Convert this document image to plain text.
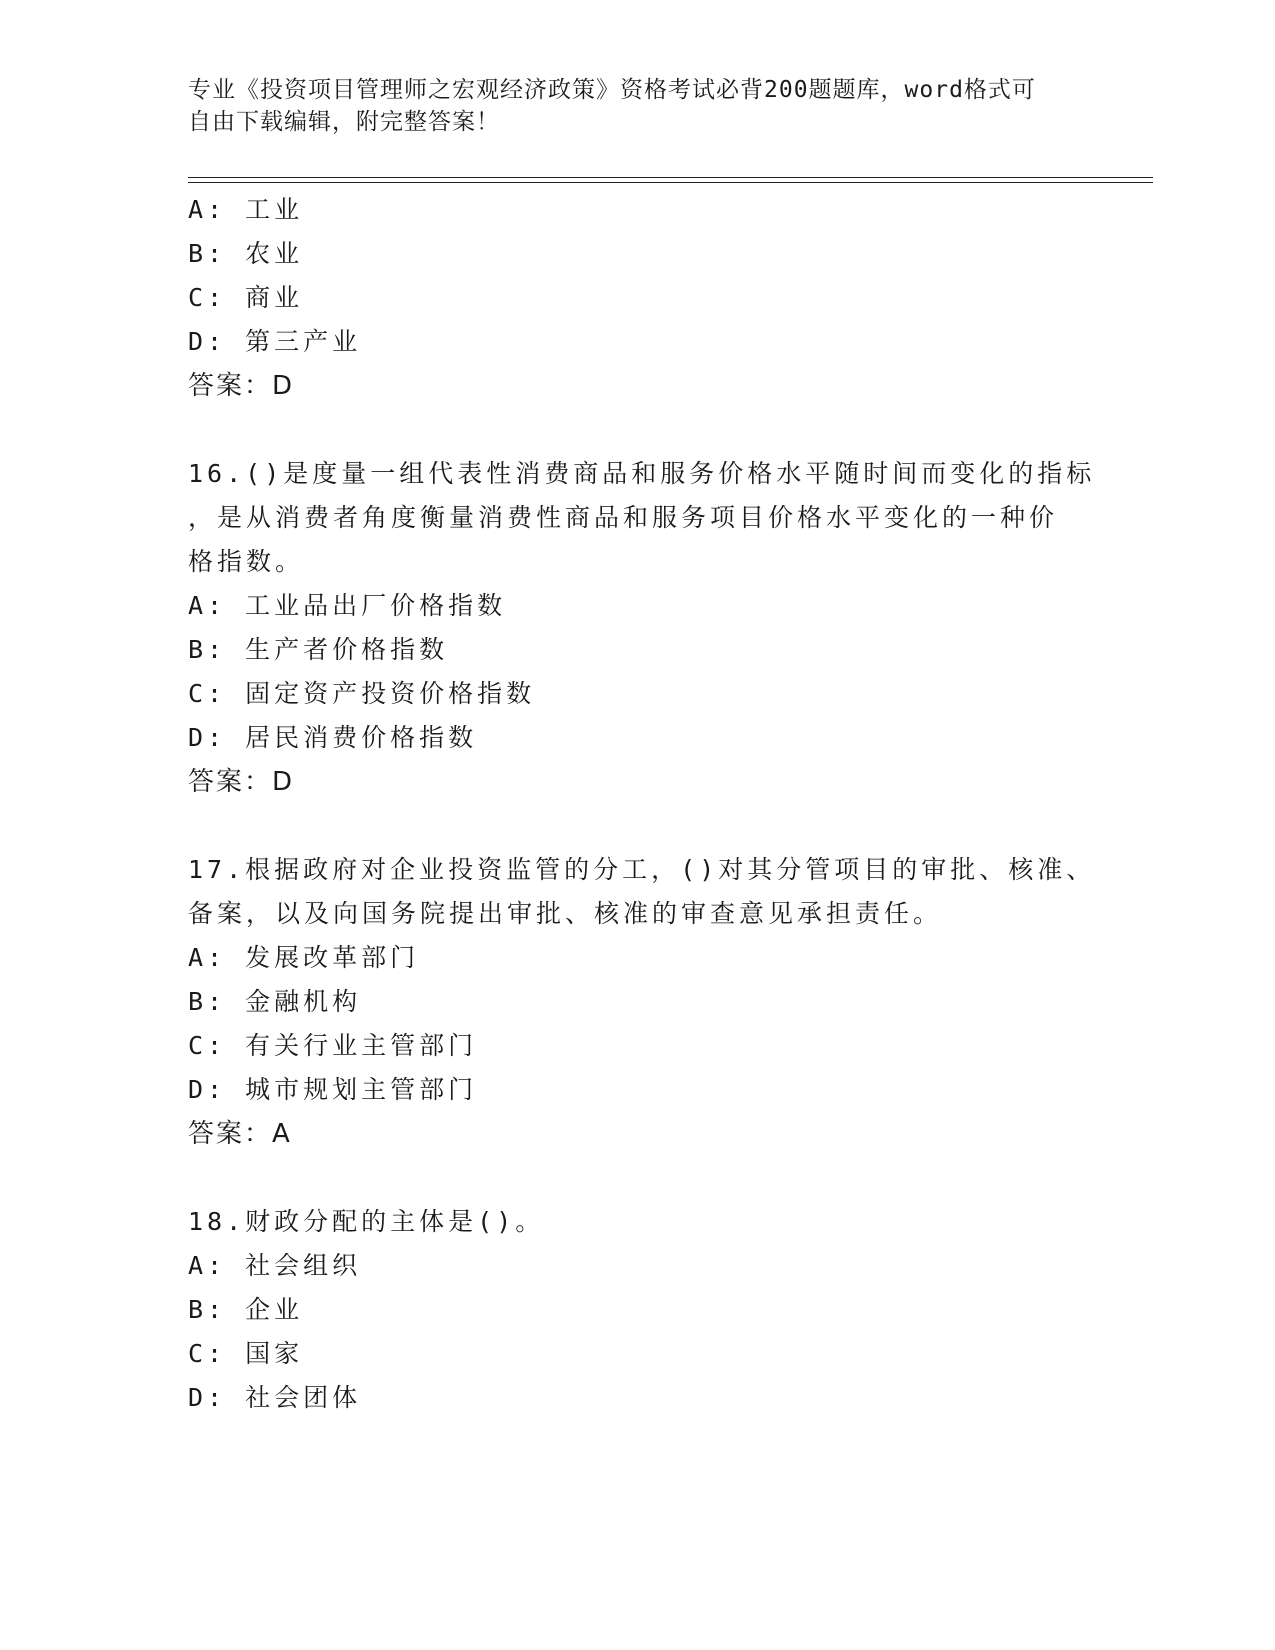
专业《投资项目管理师之宏观经济政策》资格考试必背200题题库，word格式可
自由下载编辑，附完整答案！
A: 工业
B: 农业
C: 商业
D: 第三产业
答案：D
16.()是度量一组代表性消费商品和服务价格水平随时间而变化的指标
，是从消费者角度衡量消费性商品和服务项目价格水平变化的一种价
格指数。
A: 工业品出厂价格指数
B: 生产者价格指数
C: 固定资产投资价格指数
D: 居民消费价格指数
答案：D
17.根据政府对企业投资监管的分工，()对其分管项目的审批、核准、
备案，以及向国务院提出审批、核准的审查意见承担责任。
A: 发展改革部门
B: 金融机构
C: 有关行业主管部门
D: 城市规划主管部门
答案：A
18.财政分配的主体是()。
A: 社会组织
B: 企业
C: 国家
D: 社会团体
